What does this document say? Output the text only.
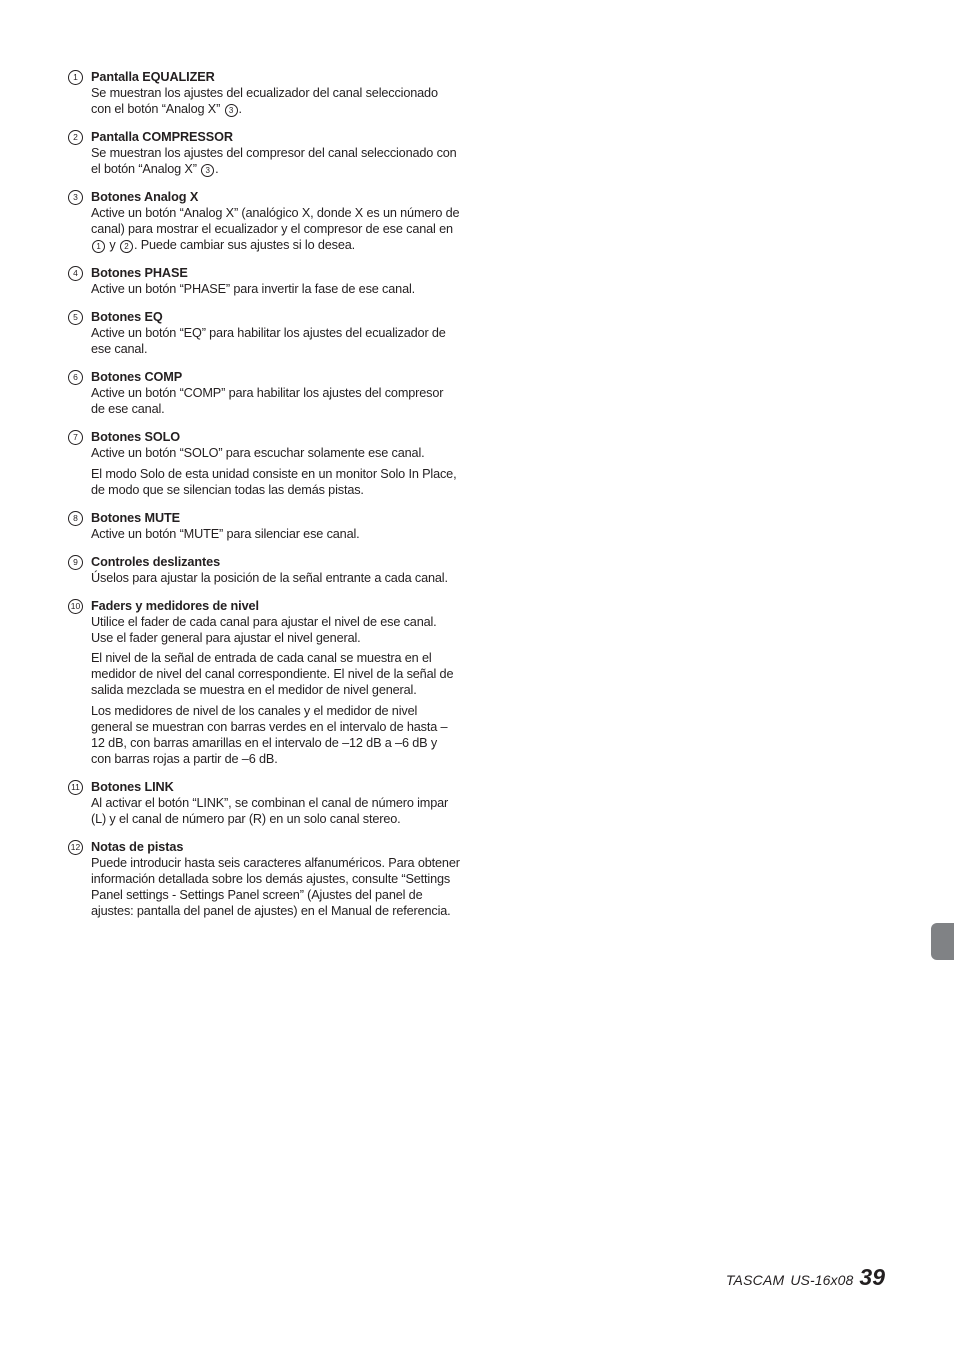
1	Pantalla EQUALIZER

Se muestran los ajustes del ecualizador del canal seleccionado con el botón “Analog X” 3 .

2	Pantalla COMPRESSOR

Se muestran los ajustes del compresor del canal seleccionado con el botón “Analog X” 3 .

3	Botones Analog X

Active un botón “Analog X” (analógico X, donde X es un número de canal) para mostrar el ecualizador y el compresor de ese canal en 1 y 2 . Puede cambiar sus ajustes si lo desea.

4	Botones PHASE

Active un botón “PHASE” para invertir la fase de ese canal.

5	Botones EQ

Active un botón “EQ” para habilitar los ajustes del ecualizador de ese canal.

6	Botones COMP

Active un botón “COMP” para habilitar los ajustes del compresor de ese canal.

7	Botones SOLO

Active un botón “SOLO” para escuchar solamente ese canal.

El modo Solo de esta unidad consiste en un monitor Solo In Place, de modo que se silencian todas las demás pistas.

8	Botones MUTE

Active un botón “MUTE” para silenciar ese canal.

9	Controles deslizantes

Úselos para ajustar la posición de la señal entrante a cada canal.

10 Faders y medidores de nivel

Utilice el fader de cada canal para ajustar el nivel de ese canal. Use el fader general para ajustar el nivel general.

El nivel de la señal de entrada de cada canal se muestra en el medidor de nivel del canal correspondiente. El nivel de la señal de salida mezclada se muestra en el medidor de nivel general.

Los medidores de nivel de los canales y el medidor de nivel general se muestran con barras verdes en el intervalo de hasta –12 dB, con barras amarillas en el intervalo de –12 dB a –6 dB y con barras rojas a partir de –6 dB.

11 Botones LINK

Al activar el botón “LINK”, se combinan el canal de número impar (L) y el canal de número par (R) en un solo canal stereo.

12 Notas de pistas

Puede introducir hasta seis caracteres alfanuméricos. Para obtener información detallada sobre los demás ajustes, consulte “Settings Panel settings - Settings Panel screen” (Ajustes del panel de ajustes: pantalla del panel de ajustes) en el Manual de referencia.

TASCAM US-16x08 39
